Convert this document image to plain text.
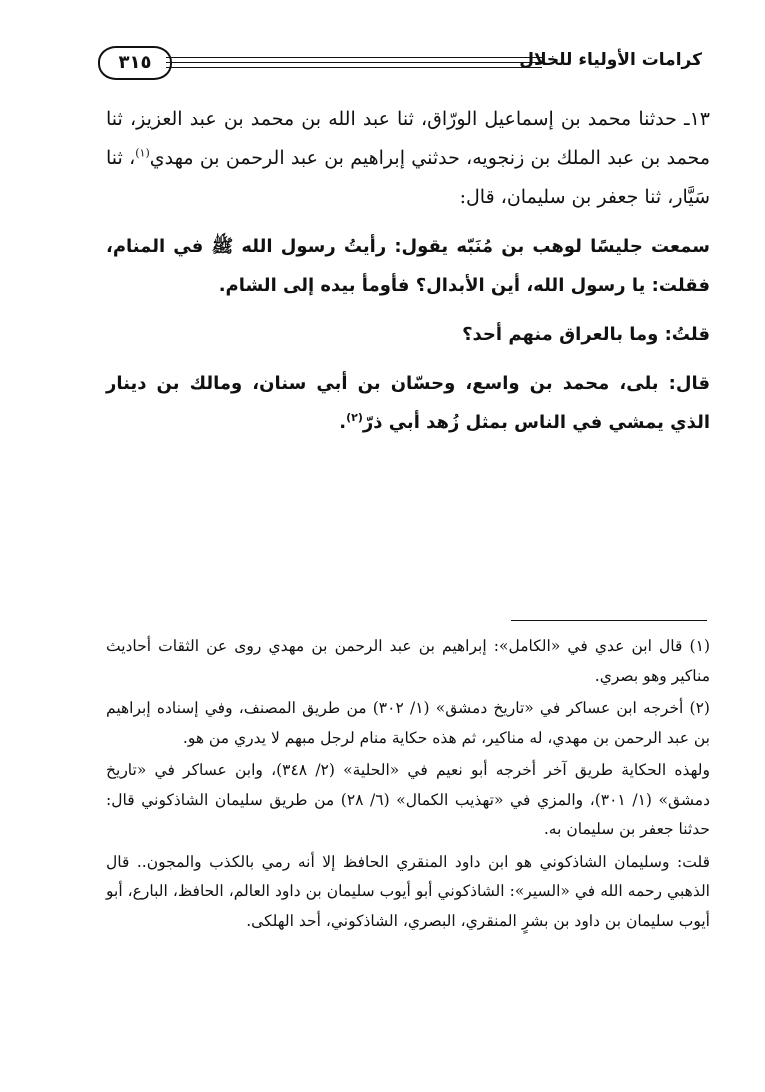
كرامات الأولياء للخلال
٣١٥

١٣ـ حدثنا محمد بن إسماعيل الورّاق، ثنا عبد الله بن محمد بن عبد العزيز، ثنا محمد بن عبد الملك بن زنجويه، حدثني إبراهيم بن عبد الرحمن بن مهدي$^{(١)}$، ثنا سَيَّار، ثنا جعفر بن سليمان، قال:

سمعت جليسًا لوهب بن مُنَبّه يقول: رأيتُ رسول الله ﷺ في المنام، فقلت: يا رسول الله، أين الأبدال؟ فأومأ بيده إلى الشام.

قلتُ: وما بالعراق منهم أحد؟

قال: بلى، محمد بن واسع، وحسّان بن أبي سنان، ومالك بن دينار الذي يمشي في الناس بمثل زُهد أبي ذرّ$^{(٢)}$.

(١) قال ابن عدي في «الكامل»: إبراهيم بن عبد الرحمن بن مهدي روى عن الثقات أحاديث مناكير وهو بصري.

(٢) أخرجه ابن عساكر في «تاريخ دمشق» (١/ ٣٠٢) من طريق المصنف، وفي إسناده إبراهيم بن عبد الرحمن بن مهدي، له مناكير، ثم هذه حكاية منام لرجل مبهم لا يدري من هو.

ولهذه الحكاية طريق آخر أخرجه أبو نعيم في «الحلية» (٢/ ٣٤٨)، وابن عساكر في «تاريخ دمشق» (١/ ٣٠١)، والمزي في «تهذيب الكمال» (٦/ ٢٨) من طريق سليمان الشاذكوني قال: حدثنا جعفر بن سليمان به.

قلت: وسليمان الشاذكوني هو ابن داود المنقري الحافظ إلا أنه رمي بالكذب والمجون.. قال الذهبي رحمه الله في «السير»: الشاذكوني أبو أيوب سليمان بن داود العالم، الحافظ، البارع، أبو أيوب سليمان بن داود بن بشرٍ المنقري، البصري، الشاذكوني، أحد الهلكى.
